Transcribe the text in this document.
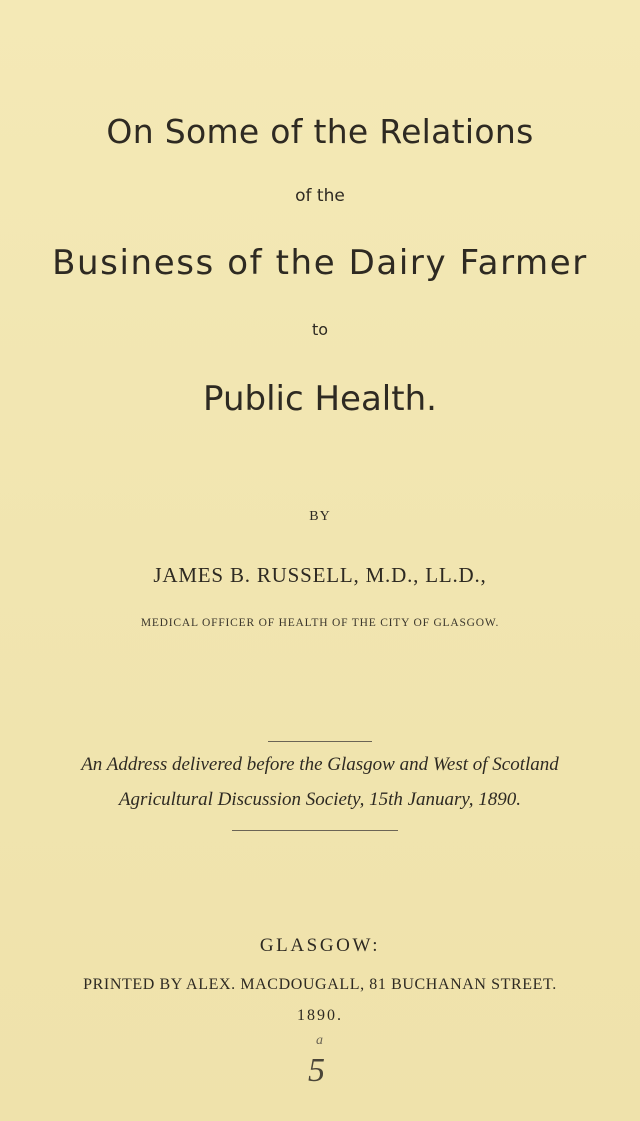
On Some of the Relations
of the
Business of the Dairy Farmer
to
Public Health.
BY
JAMES B. RUSSELL, M.D., LL.D.,
MEDICAL OFFICER OF HEALTH OF THE CITY OF GLASGOW.
An Address delivered before the Glasgow and West of Scotland
Agricultural Discussion Society, 15th January, 1890.
GLASGOW:
PRINTED BY ALEX. MACDOUGALL, 81 BUCHANAN STREET.
1890.
a
5
